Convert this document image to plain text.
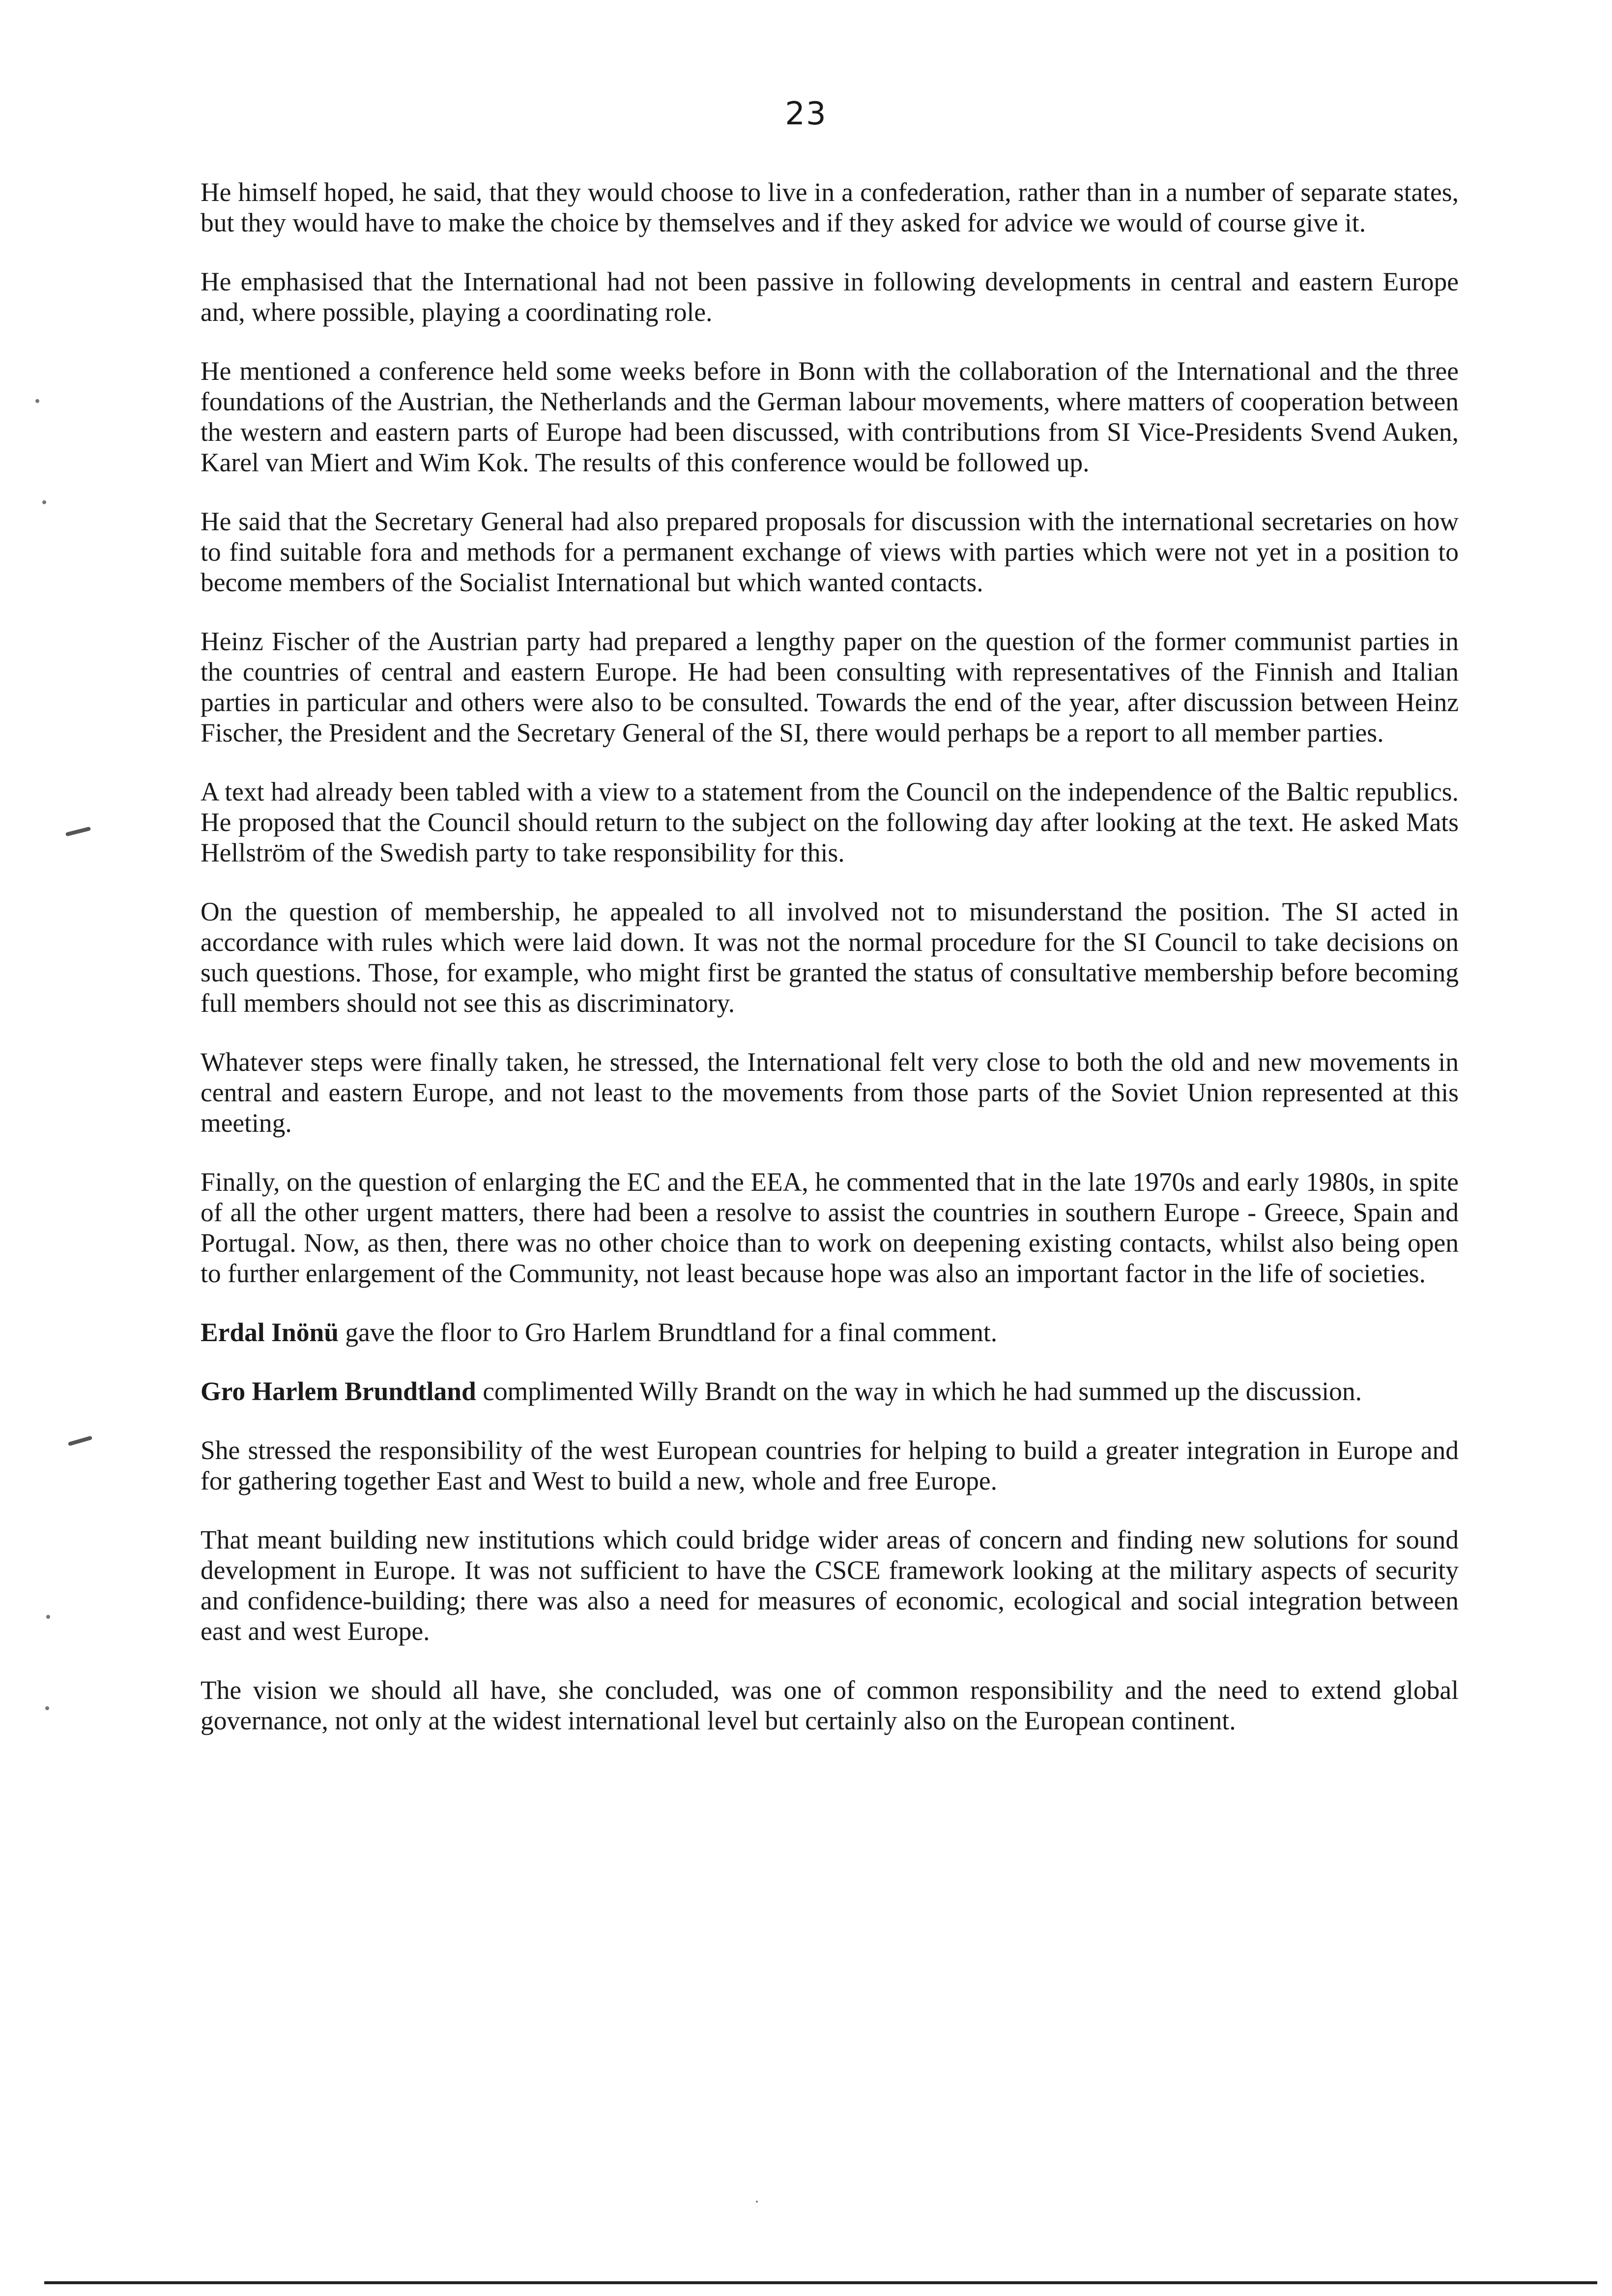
23

He himself hoped, he said, that they would choose to live in a confederation, rather than in a number of separate states, but they would have to make the choice by themselves and if they asked for advice we would of course give it.

He emphasised that the International had not been passive in following developments in central and eastern Europe and, where possible, playing a coordinating role.

He mentioned a conference held some weeks before in Bonn with the collaboration of the International and the three foundations of the Austrian, the Netherlands and the German labour movements, where matters of cooperation between the western and eastern parts of Europe had been discussed, with contributions from SI Vice-Presidents Svend Auken, Karel van Miert and Wim Kok. The results of this conference would be followed up.

He said that the Secretary General had also prepared proposals for discussion with the international secretaries on how to find suitable fora and methods for a permanent exchange of views with parties which were not yet in a position to become members of the Socialist International but which wanted contacts.

Heinz Fischer of the Austrian party had prepared a lengthy paper on the question of the former communist parties in the countries of central and eastern Europe. He had been consulting with representatives of the Finnish and Italian parties in particular and others were also to be consulted. Towards the end of the year, after discussion between Heinz Fischer, the President and the Secretary General of the SI, there would perhaps be a report to all member parties.

A text had already been tabled with a view to a statement from the Council on the independence of the Baltic republics. He proposed that the Council should return to the subject on the following day after looking at the text. He asked Mats Hellström of the Swedish party to take responsibility for this.

On the question of membership, he appealed to all involved not to misunderstand the position. The SI acted in accordance with rules which were laid down. It was not the normal procedure for the SI Council to take decisions on such questions. Those, for example, who might first be granted the status of consultative membership before becoming full members should not see this as discriminatory.

Whatever steps were finally taken, he stressed, the International felt very close to both the old and new movements in central and eastern Europe, and not least to the movements from those parts of the Soviet Union represented at this meeting.

Finally, on the question of enlarging the EC and the EEA, he commented that in the late 1970s and early 1980s, in spite of all the other urgent matters, there had been a resolve to assist the countries in southern Europe - Greece, Spain and Portugal. Now, as then, there was no other choice than to work on deepening existing contacts, whilst also being open to further enlargement of the Community, not least because hope was also an important factor in the life of societies.

Erdal Inönü gave the floor to Gro Harlem Brundtland for a final comment.

Gro Harlem Brundtland complimented Willy Brandt on the way in which he had summed up the discussion.

She stressed the responsibility of the west European countries for helping to build a greater integration in Europe and for gathering together East and West to build a new, whole and free Europe.

That meant building new institutions which could bridge wider areas of concern and finding new solutions for sound development in Europe. It was not sufficient to have the CSCE framework looking at the military aspects of security and confidence-building; there was also a need for measures of economic, ecological and social integration between east and west Europe.

The vision we should all have, she concluded, was one of common responsibility and the need to extend global governance, not only at the widest international level but certainly also on the European continent.
